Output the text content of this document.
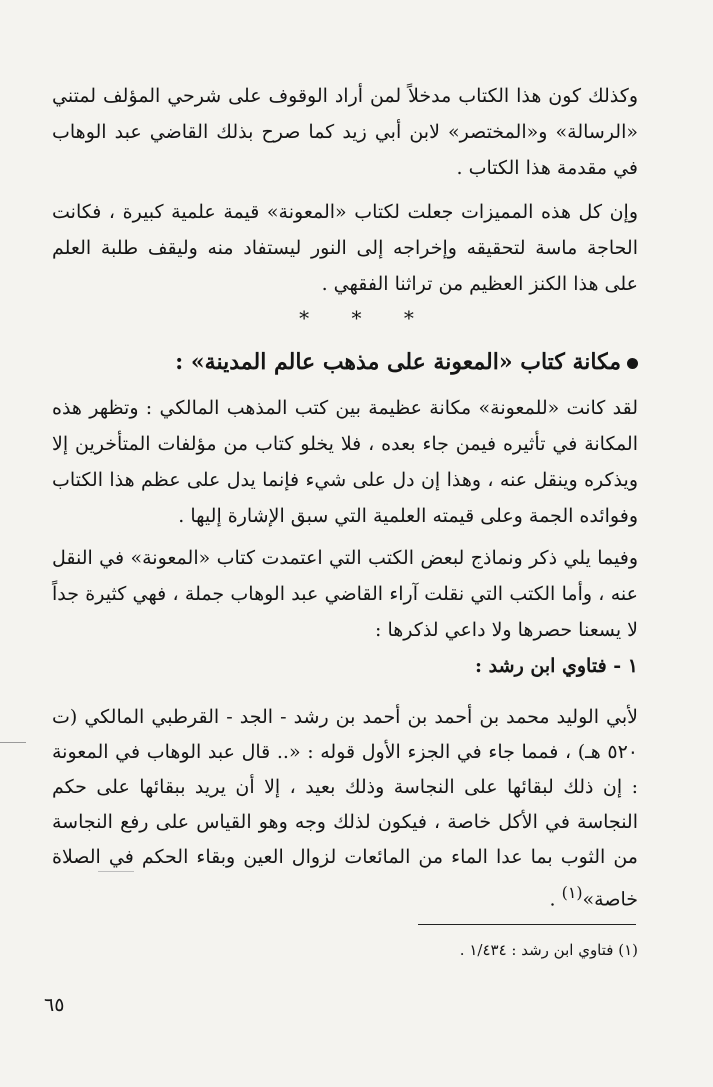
وكذلك كون هذا الكتاب مدخلاً لمن أراد الوقوف على شرحي المؤلف لمتني «الرسالة» و«المختصر» لابن أبي زيد كما صرح بذلك القاضي عبد الوهاب في مقدمة هذا الكتاب .

وإن كل هذه المميزات جعلت لكتاب «المعونة» قيمة علمية كبيرة ، فكانت الحاجة ماسة لتحقيقه وإخراجه إلى النور ليستفاد منه وليقف طلبة العلم على هذا الكنز العظيم من تراثنا الفقهي .

* * *
مكانة كتاب «المعونة على مذهب عالم المدينة» :

لقد كانت «للمعونة» مكانة عظيمة بين كتب المذهب المالكي : وتظهر هذه المكانة في تأثيره فيمن جاء بعده ، فلا يخلو كتاب من مؤلفات المتأخرين إلا ويذكره وينقل عنه ، وهذا إن دل على شيء فإنما يدل على عظم هذا الكتاب وفوائده الجمة وعلى قيمته العلمية التي سبق الإشارة إليها .

وفيما يلي ذكر ونماذج لبعض الكتب التي اعتمدت كتاب «المعونة» في النقل عنه ، وأما الكتب التي نقلت آراء القاضي عبد الوهاب جملة ، فهي كثيرة جداً لا يسعنا حصرها ولا داعي لذكرها :

١ - فتاوي ابن رشد :

لأبي الوليد محمد بن أحمد بن أحمد بن رشد - الجد - القرطبي المالكي (ت ٥٢٠ هـ) ، فمما جاء في الجزء الأول قوله : «.. قال عبد الوهاب في المعونة : إن ذلك لبقائها على النجاسة وذلك بعيد ، إلا أن يريد ببقائها على حكم النجاسة في الأكل خاصة ، فيكون لذلك وجه وهو القياس على رفع النجاسة من الثوب بما عدا الماء من المائعات لزوال العين وبقاء الحكم في الصلاة خاصة»$^{(١)}$ .

(١) فتاوي ابن رشد : ١/٤٣٤ .

٦٥
